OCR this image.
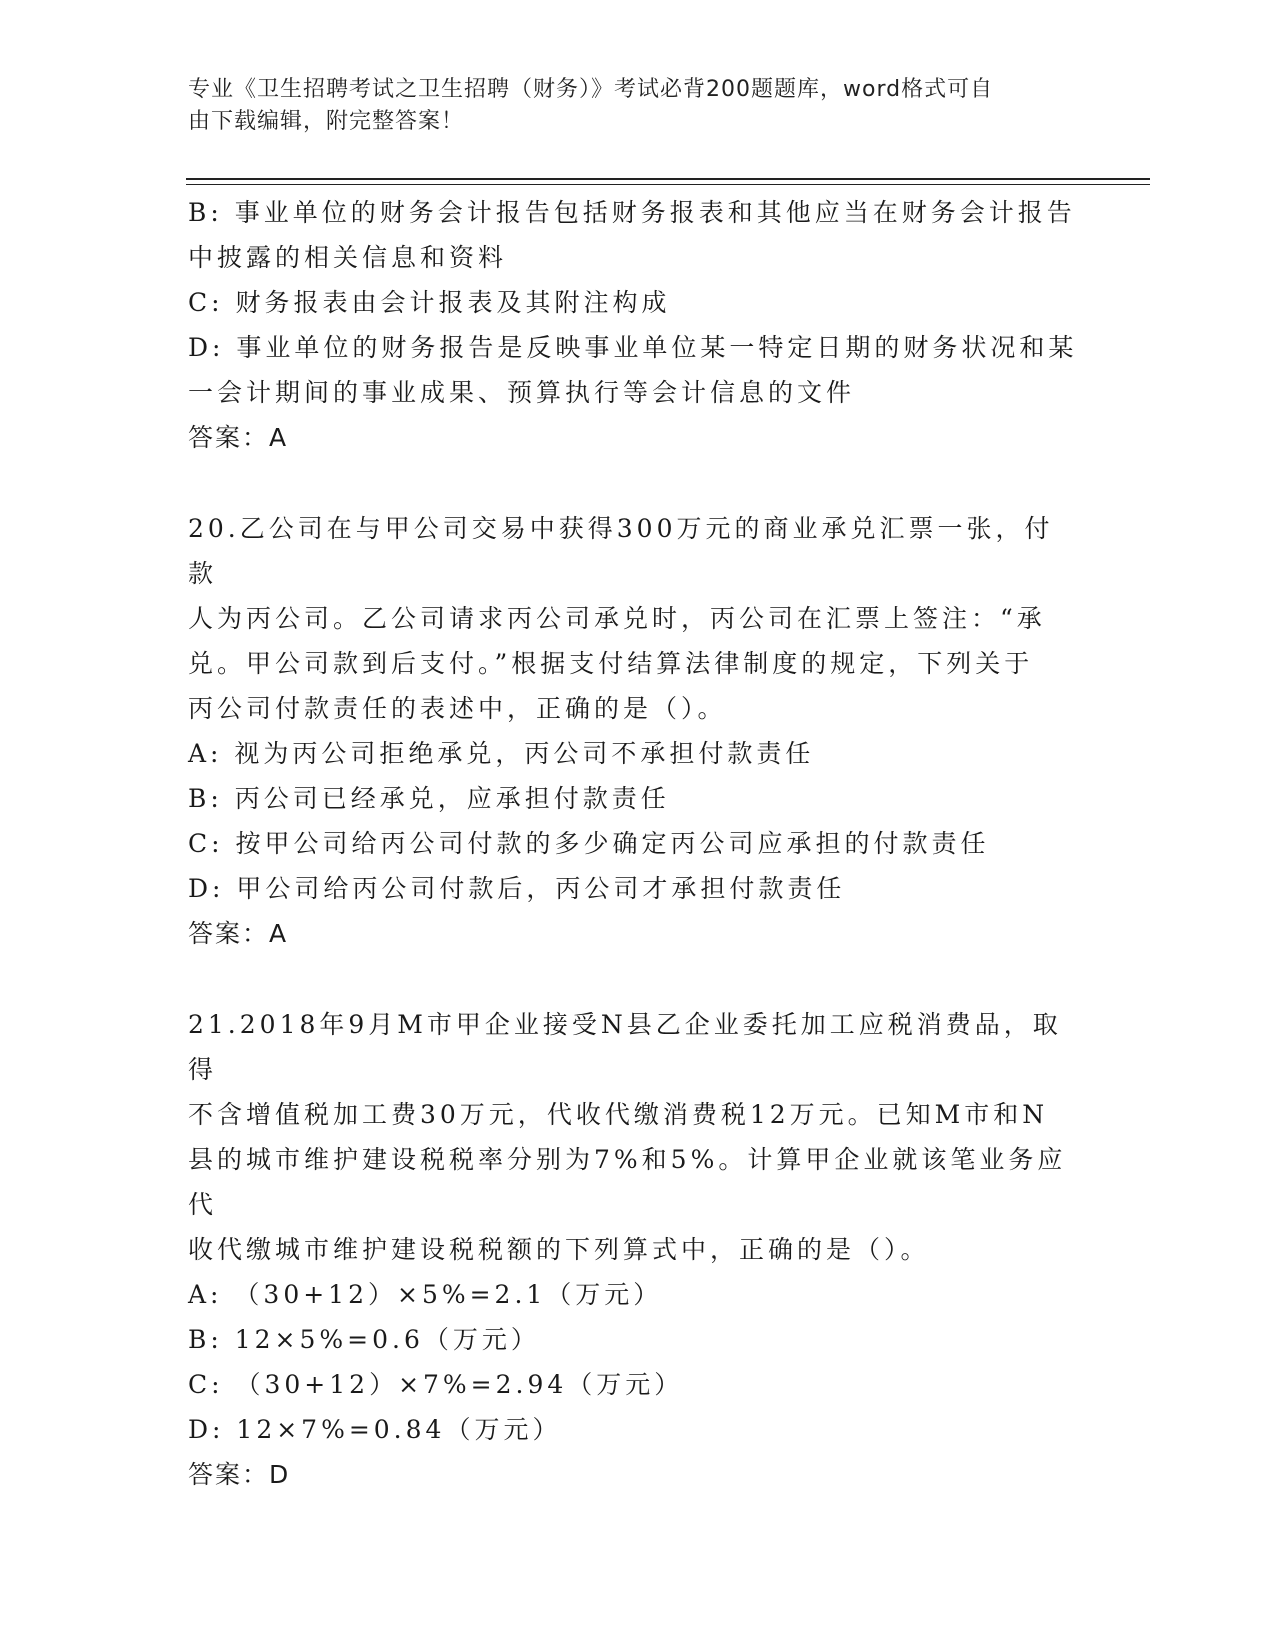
专业《卫生招聘考试之卫生招聘（财务）》考试必背200题题库，word格式可自
由下载编辑，附完整答案！
B: 事业单位的财务会计报告包括财务报表和其他应当在财务会计报告
中披露的相关信息和资料
C: 财务报表由会计报表及其附注构成
D: 事业单位的财务报告是反映事业单位某一特定日期的财务状况和某
一会计期间的事业成果、预算执行等会计信息的文件
答案：A
20.乙公司在与甲公司交易中获得300万元的商业承兑汇票一张，付款
人为丙公司。乙公司请求丙公司承兑时，丙公司在汇票上签注：“承
兑。甲公司款到后支付。”根据支付结算法律制度的规定，下列关于
丙公司付款责任的表述中，正确的是（）。
A: 视为丙公司拒绝承兑，丙公司不承担付款责任
B: 丙公司已经承兑，应承担付款责任
C: 按甲公司给丙公司付款的多少确定丙公司应承担的付款责任
D: 甲公司给丙公司付款后，丙公司才承担付款责任
答案：A
21.2018年9月M市甲企业接受N县乙企业委托加工应税消费品，取得
不含增值税加工费30万元，代收代缴消费税12万元。已知M市和N
县的城市维护建设税税率分别为7%和5%。计算甲企业就该笔业务应代
收代缴城市维护建设税税额的下列算式中，正确的是（）。
A: （30+12）×5%=2.1（万元）
B: 12×5%=0.6（万元）
C: （30+12）×7%=2.94（万元）
D: 12×7%=0.84（万元）
答案：D
